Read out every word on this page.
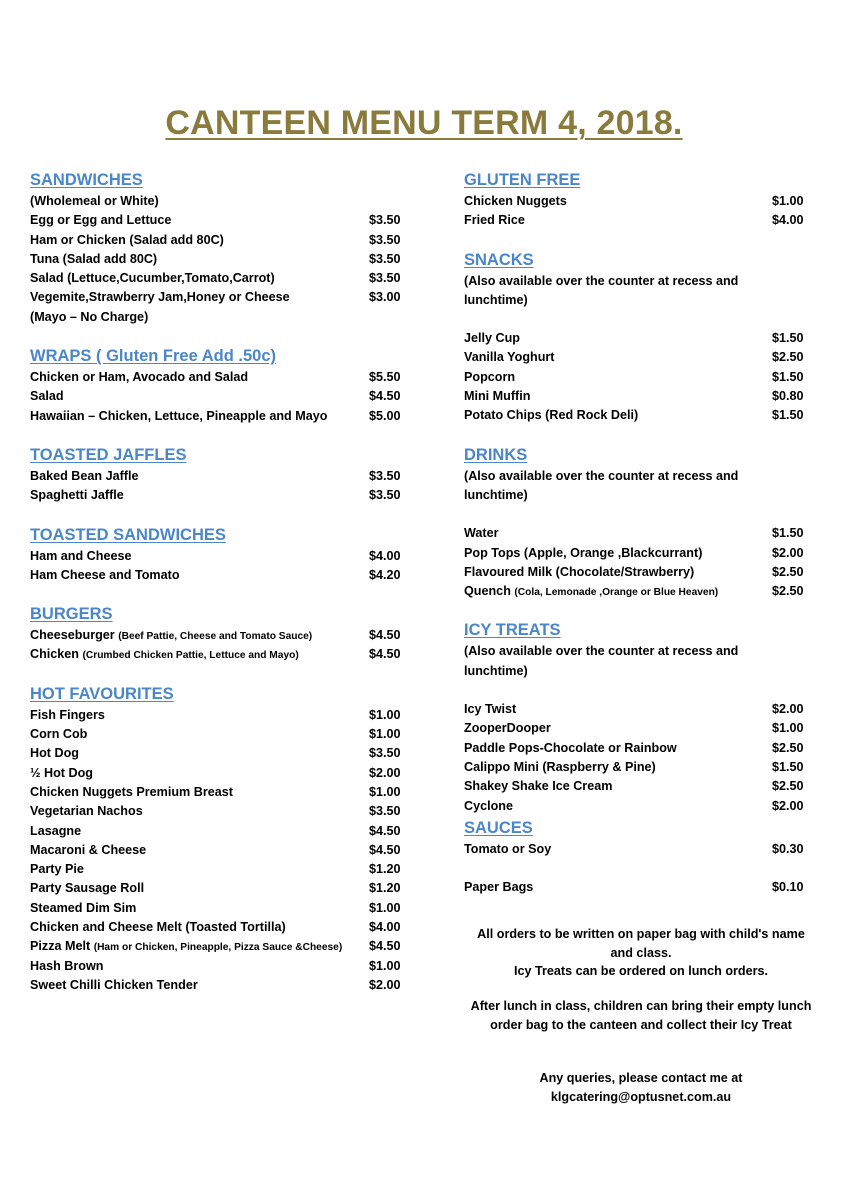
CANTEEN MENU TERM 4, 2018.
SANDWICHES
(Wholemeal or White)
Egg or Egg and Lettuce	$3.50
Ham or Chicken (Salad add 80C)	$3.50
Tuna (Salad add 80C)	$3.50
Salad (Lettuce,Cucumber,Tomato,Carrot)	$3.50
Vegemite,Strawberry Jam,Honey or Cheese	$3.00
(Mayo – No Charge)
WRAPS ( Gluten Free Add .50c)
Chicken or Ham, Avocado and Salad	$5.50
Salad	$4.50
Hawaiian – Chicken, Lettuce, Pineapple and Mayo	$5.00
TOASTED JAFFLES
Baked Bean Jaffle	$3.50
Spaghetti Jaffle	$3.50
TOASTED SANDWICHES
Ham and Cheese	$4.00
Ham Cheese and Tomato	$4.20
BURGERS
Cheeseburger (Beef Pattie, Cheese and Tomato Sauce)	$4.50
Chicken (Crumbed Chicken Pattie, Lettuce and Mayo)	$4.50
HOT FAVOURITES
Fish Fingers	$1.00
Corn Cob	$1.00
Hot Dog	$3.50
½ Hot Dog	$2.00
Chicken Nuggets Premium Breast	$1.00
Vegetarian Nachos	$3.50
Lasagne	$4.50
Macaroni & Cheese	$4.50
Party Pie	$1.20
Party Sausage Roll	$1.20
Steamed Dim Sim	$1.00
Chicken and Cheese Melt (Toasted Tortilla)	$4.00
Pizza Melt (Ham or Chicken, Pineapple, Pizza Sauce &Cheese) $4.50
Hash Brown	$1.00
Sweet Chilli Chicken Tender	$2.00
GLUTEN FREE
Chicken Nuggets	$1.00
Fried Rice	$4.00
SNACKS
(Also available over the counter at recess and lunchtime)
Jelly Cup	$1.50
Vanilla Yoghurt	$2.50
Popcorn	$1.50
Mini Muffin	$0.80
Potato Chips (Red Rock Deli)	$1.50
DRINKS
(Also available over the counter at recess and lunchtime)
Water	$1.50
Pop Tops (Apple, Orange ,Blackcurrant)	$2.00
Flavoured Milk (Chocolate/Strawberry)	$2.50
Quench (Cola, Lemonade ,Orange or Blue Heaven)	$2.50
ICY TREATS
(Also available over the counter at recess and lunchtime)
Icy Twist	$2.00
ZooperDooper	$1.00
Paddle Pops-Chocolate or Rainbow	$2.50
Calippo Mini (Raspberry & Pine)	$1.50
Shakey Shake Ice Cream	$2.50
Cyclone	$2.00
SAUCES
Tomato or Soy	$0.30
Paper Bags	$0.10

All orders to be written on paper bag with child's name and class.

Icy Treats can be ordered on lunch orders.

After lunch in class, children can bring their empty lunch order bag to the canteen and collect their Icy Treat

Any queries, please contact me at

klgcatering@optusnet.com.au
